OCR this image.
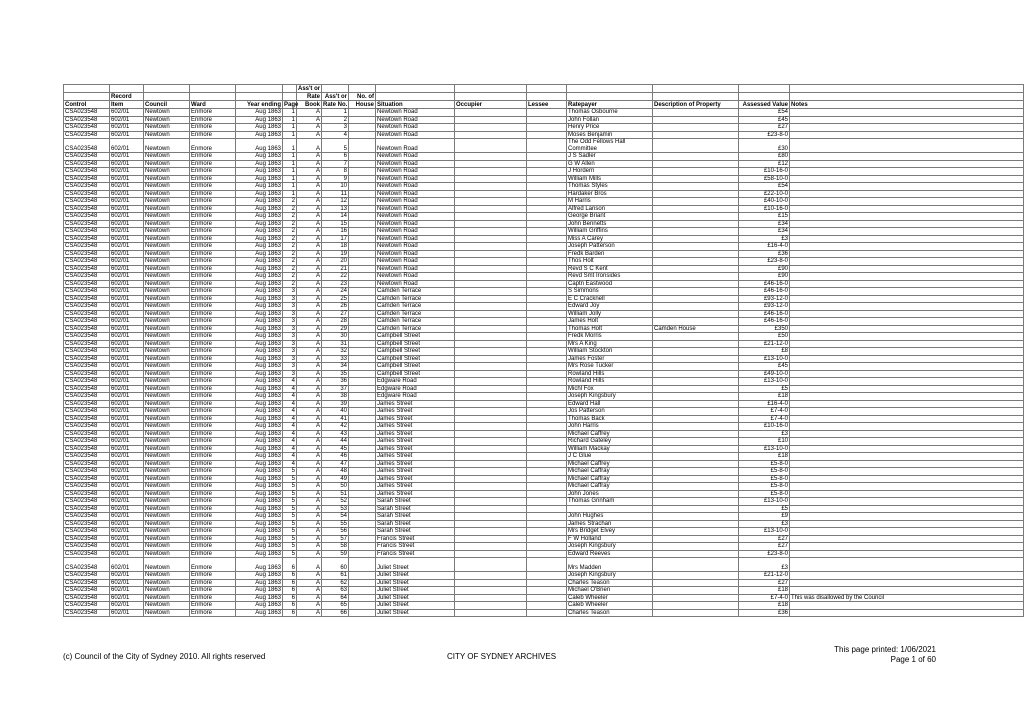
						Ass't or									
	Record					Rate	Ass't or	No. of							
Control	Item	Council	Ward	Year ending	Page	Book	Rate No.	House	Situation	Occupier	Lessee	Ratepayer	Description of Property	Assessed Value	Notes
CSA023548	602/01	Newtown	Enmore	Aug 1863	1	A	1		Newtown Road			Thomas Osbourne		£54	
CSA023548	602/01	Newtown	Enmore	Aug 1863	1	A	2		Newtown Road			John Follan		£45	
CSA023548	602/01	Newtown	Enmore	Aug 1863	1	A	3		Newtown Road			Henry Price		£27	
CSA023548	602/01	Newtown	Enmore	Aug 1863	1	A	4		Newtown Road			Moses Benjamin		£23-8-0	
CSA023548	602/01	Newtown	Enmore	Aug 1863	1	A	5		Newtown Road			The Odd Fellows Hall Committee		£30	
CSA023548	602/01	Newtown	Enmore	Aug 1863	1	A	6		Newtown Road			J S Sadler		£80	
CSA023548	602/01	Newtown	Enmore	Aug 1863	1	A	7		Newtown Road			G W Allen		£12	
CSA023548	602/01	Newtown	Enmore	Aug 1863	1	A	8		Newtown Road			J Hordern		£10-16-0	
CSA023548	602/01	Newtown	Enmore	Aug 1863	1	A	9		Newtown Road			William Mills		£58-10-0	
CSA023548	602/01	Newtown	Enmore	Aug 1863	1	A	10		Newtown Road			Thomas Styles		£54	
CSA023548	602/01	Newtown	Enmore	Aug 1863	1	A	11		Newtown Road			Hardaker Bros		£22-10-0	
CSA023548	602/01	Newtown	Enmore	Aug 1863	2	A	12		Newtown Road			M Harris		£40-10-0	
CSA023548	602/01	Newtown	Enmore	Aug 1863	2	A	13		Newtown Road			Alfred Lanson		£10-16-0	
CSA023548	602/01	Newtown	Enmore	Aug 1863	2	A	14		Newtown Road			George Briant		£15	
CSA023548	602/01	Newtown	Enmore	Aug 1863	2	A	15		Newtown Road			John Bennetts		£34	
CSA023548	602/01	Newtown	Enmore	Aug 1863	2	A	16		Newtown Road			William Griffins		£34	
CSA023548	602/01	Newtown	Enmore	Aug 1863	2	A	17		Newtown Road			Miss A Carey		£3	
CSA023548	602/01	Newtown	Enmore	Aug 1863	2	A	18		Newtown Road			Joseph Patterson		£16-4-0	
CSA023548	602/01	Newtown	Enmore	Aug 1863	2	A	19		Newtown Road			Fredk Barden		£36	
CSA023548	602/01	Newtown	Enmore	Aug 1863	2	A	20		Newtown Road			Thos Holt		£23-8-0	
CSA023548	602/01	Newtown	Enmore	Aug 1863	2	A	21		Newtown Road			Revd S C Kent		£90	
CSA023548	602/01	Newtown	Enmore	Aug 1863	2	A	22		Newtown Road			Revd Smt Ironsides		£90	
CSA023548	602/01	Newtown	Enmore	Aug 1863	2	A	23		Newtown Road			Captn Eastwood		£46-16-0	
CSA023548	602/01	Newtown	Enmore	Aug 1863	3	A	24		Camden Terrace			S Simmons		£46-16-0	
CSA023548	602/01	Newtown	Enmore	Aug 1863	3	A	25		Camden Terrace			E C Cracknell		£93-12-0	
CSA023548	602/01	Newtown	Enmore	Aug 1863	3	A	26		Camden Terrace			Edward Joy		£93-12-0	
CSA023548	602/01	Newtown	Enmore	Aug 1863	3	A	27		Camden Terrace			William Jolly		£46-16-0	
CSA023548	602/01	Newtown	Enmore	Aug 1863	3	A	28		Camden Terrace			James Holt		£46-16-0	
CSA023548	602/01	Newtown	Enmore	Aug 1863	3	A	29		Camden Terrace			Thomas Holt	Camden House	£350	
CSA023548	602/01	Newtown	Enmore	Aug 1863	3	A	30		Campbell Street			Fredk Morris		£50	
CSA023548	602/01	Newtown	Enmore	Aug 1863	3	A	31		Campbell Street			Mrs A King		£21-12-0	
CSA023548	602/01	Newtown	Enmore	Aug 1863	3	A	32		Campbell Street			William Stockton		£8	
CSA023548	602/01	Newtown	Enmore	Aug 1863	3	A	33		Campbell Street			James Foster		£13-10-0	
CSA023548	602/01	Newtown	Enmore	Aug 1863	3	A	34		Campbell Street			Mrs Rose Tucker		£45	
CSA023548	602/01	Newtown	Enmore	Aug 1863	3	A	35		Campbell Street			Rowland Hills		£49-10-0	
CSA023548	602/01	Newtown	Enmore	Aug 1863	4	A	36		Edgware Road			Rowland Hills		£13-10-0	
CSA023548	602/01	Newtown	Enmore	Aug 1863	4	A	37		Edgware Road			Michl Fox		£5	
CSA023548	602/01	Newtown	Enmore	Aug 1863	4	A	38		Edgware Road			Joseph Kingsbury		£18	
CSA023548	602/01	Newtown	Enmore	Aug 1863	4	A	39		James Street			Edward Hall		£16-4-0	
CSA023548	602/01	Newtown	Enmore	Aug 1863	4	A	40		James Street			Jos Patterson		£7-4-0	
CSA023548	602/01	Newtown	Enmore	Aug 1863	4	A	41		James Street			Thomas Back		£7-4-0	
CSA023548	602/01	Newtown	Enmore	Aug 1863	4	A	42		James Street			John Harris		£10-16-0	
CSA023548	602/01	Newtown	Enmore	Aug 1863	4	A	43		James Street			Michael Caffrey		£3	
CSA023548	602/01	Newtown	Enmore	Aug 1863	4	A	44		James Street			Richard Gateley		£10	
CSA023548	602/01	Newtown	Enmore	Aug 1863	4	A	45		James Street			William Mackay		£13-10-0	
CSA023548	602/01	Newtown	Enmore	Aug 1863	4	A	46		James Street			J C Glue		£18	
CSA023548	602/01	Newtown	Enmore	Aug 1863	4	A	47		James Street			Michael Caffrey		£5-8-0	
CSA023548	602/01	Newtown	Enmore	Aug 1863	5	A	48		James Street			Michael Caffray		£5-8-0	
CSA023548	602/01	Newtown	Enmore	Aug 1863	5	A	49		James Street			Michael Caffray		£5-8-0	
CSA023548	602/01	Newtown	Enmore	Aug 1863	5	A	50		James Street			Michael Caffray		£5-8-0	
CSA023548	602/01	Newtown	Enmore	Aug 1863	5	A	51		James Street			John Jones		£5-8-0	
CSA023548	602/01	Newtown	Enmore	Aug 1863	5	A	52		Sarah Street			Thomas Grinham		£13-10-0	
CSA023548	602/01	Newtown	Enmore	Aug 1863	5	A	53		Sarah Street					£5	
CSA023548	602/01	Newtown	Enmore	Aug 1863	5	A	54		Sarah Street			John Hughes		£9	
CSA023548	602/01	Newtown	Enmore	Aug 1863	5	A	55		Sarah Street			James Strachan		£3	
CSA023548	602/01	Newtown	Enmore	Aug 1863	5	A	56		Sarah Street			Mrs Bridget Elvey		£13-10-0	
CSA023548	602/01	Newtown	Enmore	Aug 1863	5	A	57		Francis Street			F W Holland		£27	
CSA023548	602/01	Newtown	Enmore	Aug 1863	5	A	58		Francis Street			Joseph Kingsbury		£27	
CSA023548	602/01	Newtown	Enmore	Aug 1863	5	A	59		Francis Street			Edward Reeves		£23-8-0	
CSA023548	602/01	Newtown	Enmore	Aug 1863	6	A	60		Juliet Street			Mrs Madden		£3	
CSA023548	602/01	Newtown	Enmore	Aug 1863	6	A	61		Juliet Street			Joseph Kingsbury		£21-12-0	
CSA023548	602/01	Newtown	Enmore	Aug 1863	6	A	62		Juliet Street			Charles Teason		£27	
CSA023548	602/01	Newtown	Enmore	Aug 1863	6	A	63		Juliet Street			Michael O'Brien		£18	
CSA023548	602/01	Newtown	Enmore	Aug 1863	6	A	64		Juliet Street			Caleb Wheeler		£7-4-0	This was disallowed by the Council
CSA023548	602/01	Newtown	Enmore	Aug 1863	6	A	65		Juliet Street			Caleb Wheeler		£18	
CSA023548	602/01	Newtown	Enmore	Aug 1863	6	A	66		Juliet Street			Charles Teason		£36	
(c) Council of the City of Sydney 2010. All rights reserved	CITY OF SYDNEY ARCHIVES
This page printed: 1/06/2021
Page 1 of 60
